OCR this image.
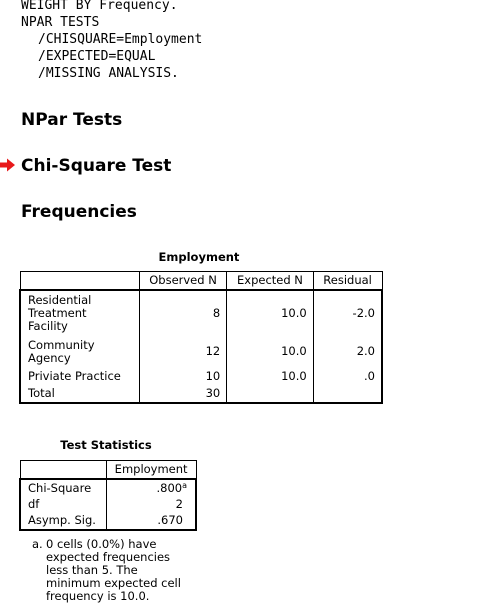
WEIGHT BY Frequency.
NPAR TESTS
/CHISQUARE=Employment
/EXPECTED=EQUAL
/MISSING ANALYSIS.
NPar Tests
Chi-Square Test
Frequencies
Employment
	Observed N	Expected N	Residual
Residential Treatment Facility	8	10.0	-2.0
Community Agency	12	10.0	2.0
Priviate Practice	10	10.0	.0
Total	30		
Test Statistics
	Employment
Chi-Square	.800$^a$
df	2
Asymp. Sig.	.670
a. 0 cells (0.0%) have expected frequencies less than 5. The minimum expected cell frequency is 10.0.
